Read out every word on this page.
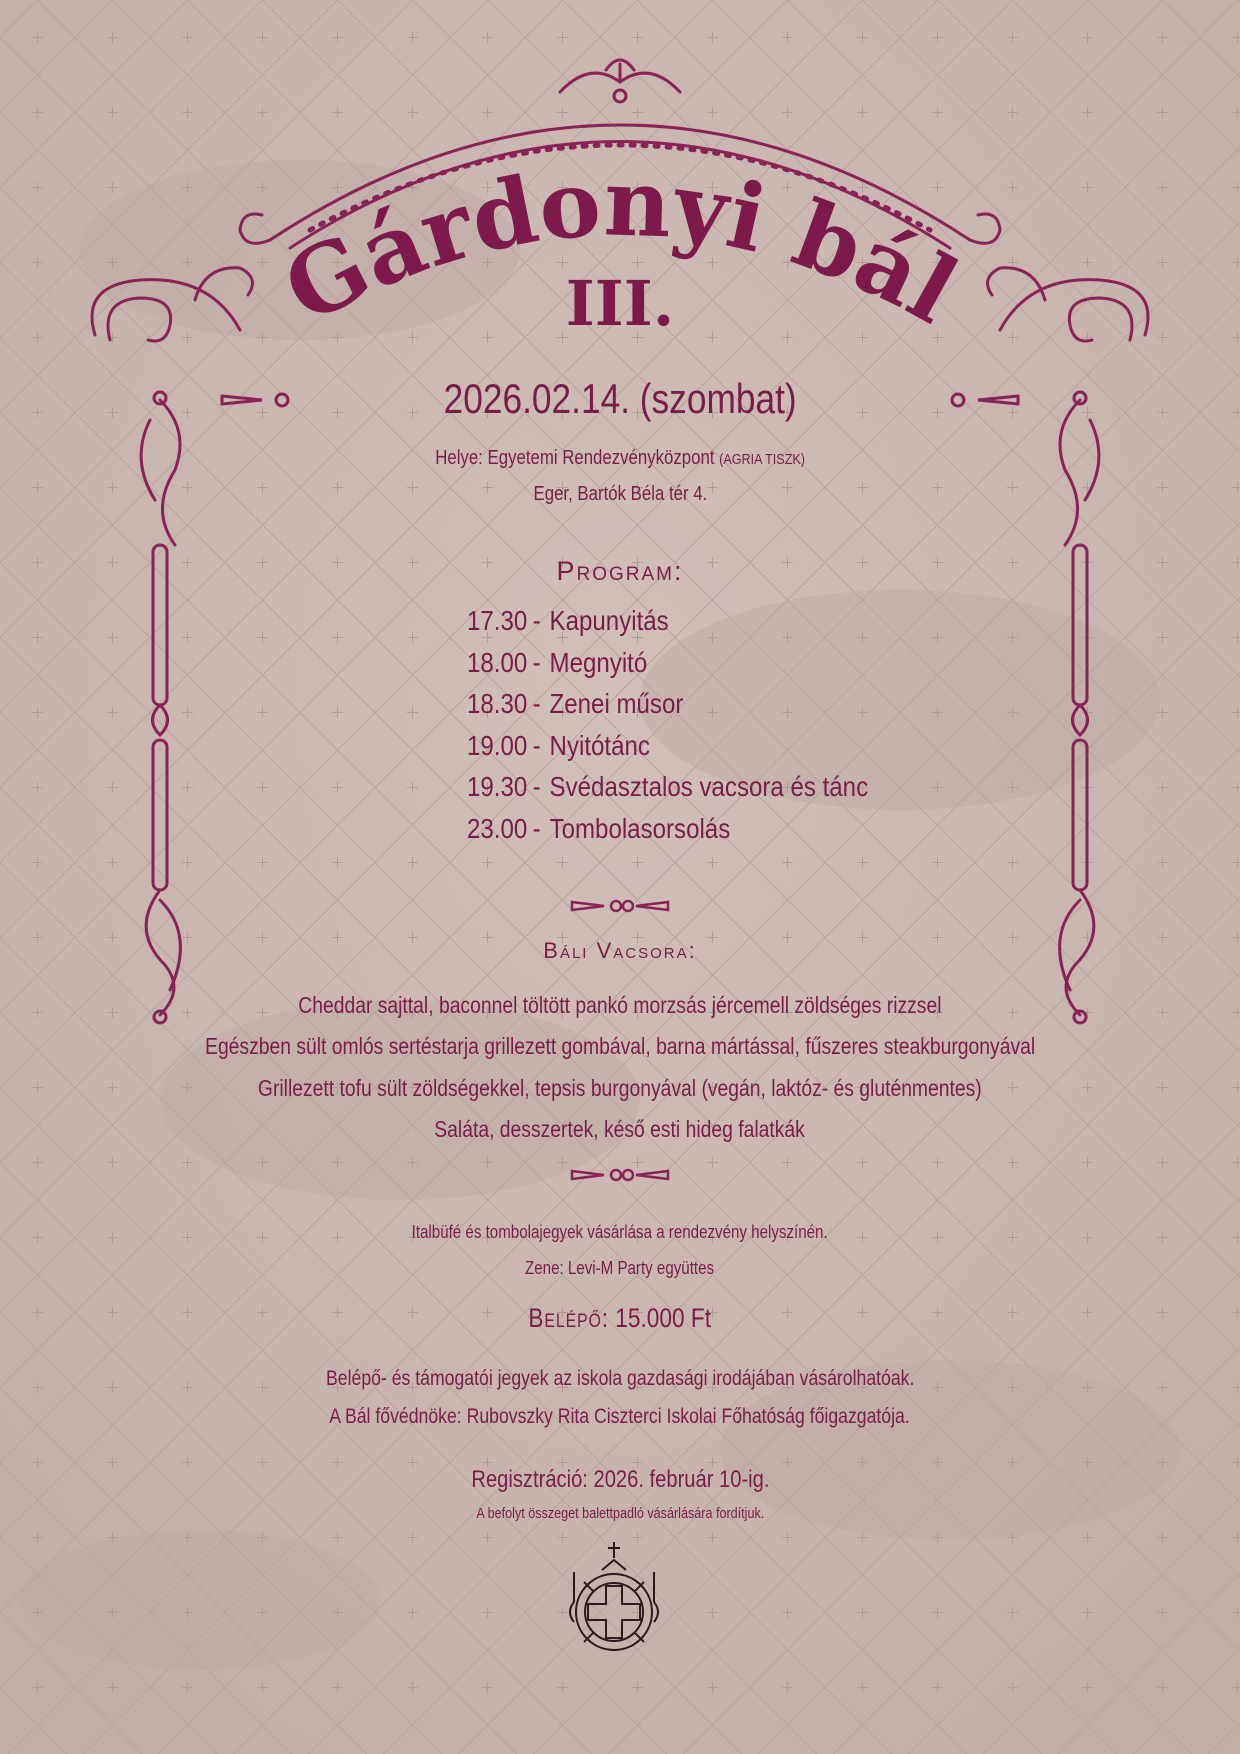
Gárdonyi bál
III.
2026.02.14. (szombat)
Helye: Egyetemi Rendezvényközpont (AGRIA TISZK)
Eger, Bartók Béla tér 4.
Program:
17.30 - Kapunyitás
18.00 - Megnyitó
18.30 - Zenei műsor
19.00 - Nyitótánc
19.30 - Svédasztalos vacsora és tánc
23.00 - Tombolasorsolás
Báli Vacsora:
Cheddar sajttal, baconnel töltött pankó morzsás jércemell zöldséges rizzsel
Egészben sült omlós sertéstarja grillezett gombával, barna mártással, fűszeres steakburgonyával
Grillezett tofu sült zöldségekkel, tepsis burgonyával (vegán, laktóz- és gluténmentes)
Saláta, desszertek, késő esti hideg falatkák
Italbüfé és tombolajegyek vásárlása a rendezvény helyszínén.
Zene: Levi-M Party együttes
Belépő: 15.000 Ft
Belépő- és támogatói jegyek az iskola gazdasági irodájában vásárolhatóak.
A Bál fővédnöke: Rubovszky Rita Ciszterci Iskolai Főhatóság főigazgatója.
Regisztráció: 2026. február 10-ig.
A befolyt összeget balettpadló vásárlására fordítjuk.
